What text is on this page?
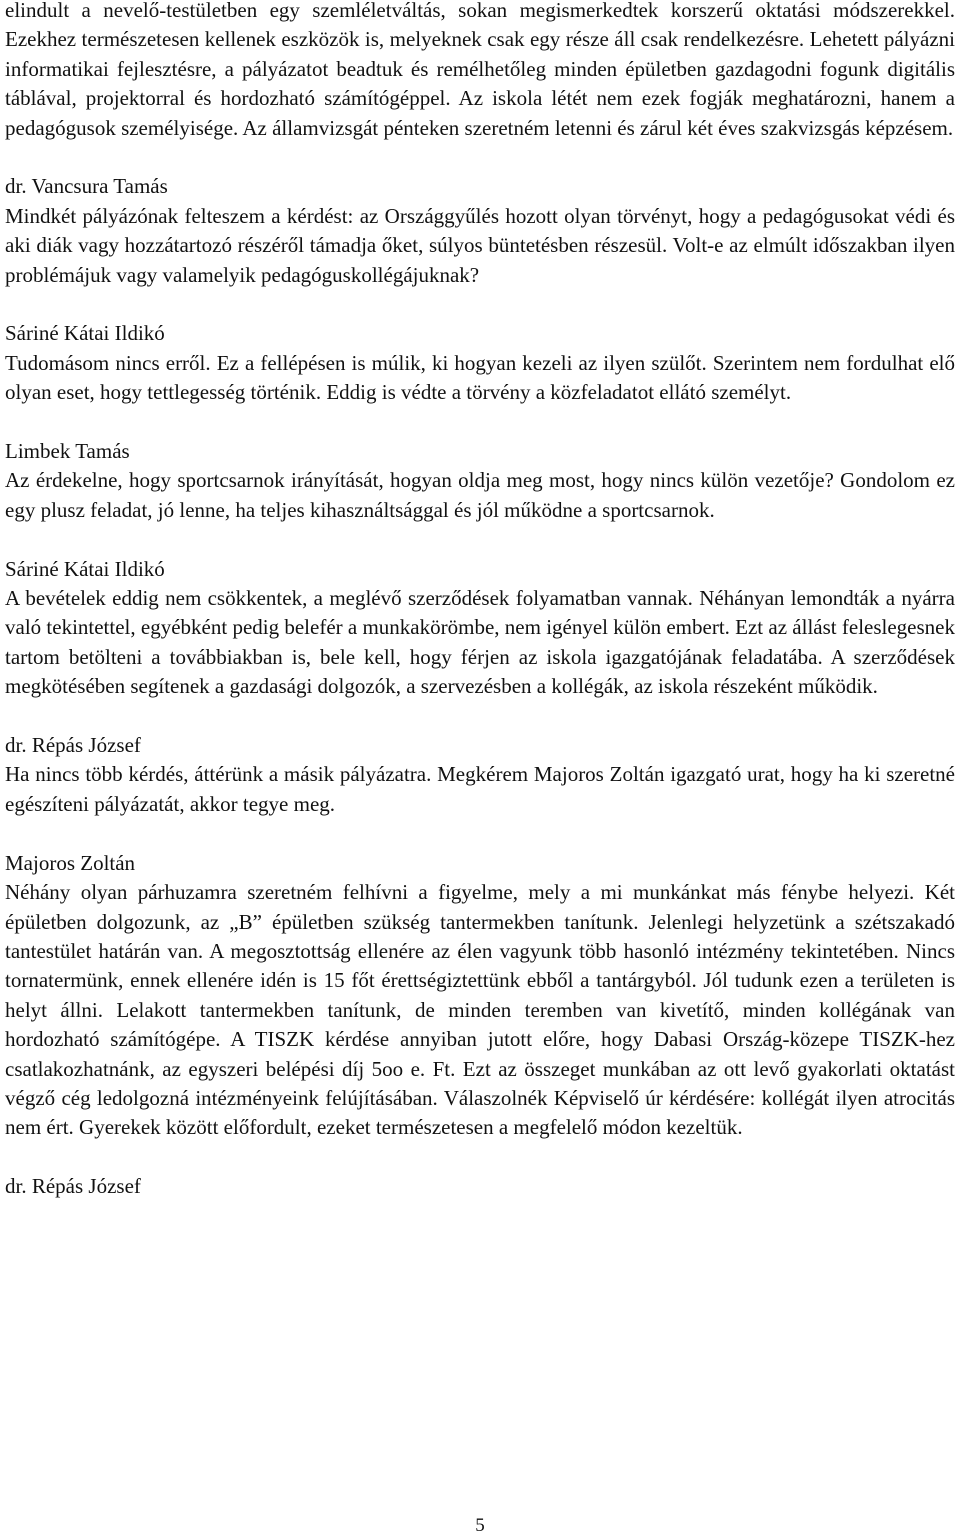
elindult a nevelő-testületben egy szemléletváltás, sokan megismerkedtek korszerű oktatási módszerekkel. Ezekhez természetesen kellenek eszközök is, melyeknek csak egy része áll csak rendelkezésre. Lehetett pályázni informatikai fejlesztésre, a pályázatot beadtuk és remélhetőleg minden épületben gazdagodni fogunk digitális táblával, projektorral és hordozható számítógéppel. Az iskola létét nem ezek fogják meghatározni, hanem a pedagógusok személyisége. Az államvizsgát pénteken szeretném letenni és zárul két éves szakvizsgás képzésem.

dr. Vancsura Tamás

Mindkét pályázónak felteszem a kérdést: az Országgyűlés hozott olyan törvényt, hogy a pedagógusokat védi és aki diák vagy hozzátartozó részéről támadja őket, súlyos büntetésben részesül. Volt-e az elmúlt időszakban ilyen problémájuk vagy valamelyik pedagóguskollégájuknak?

Sáriné Kátai Ildikó

Tudomásom nincs erről. Ez a fellépésen is múlik, ki hogyan kezeli az ilyen szülőt. Szerintem nem fordulhat elő olyan eset, hogy tettlegesség történik. Eddig is védte a törvény a közfeladatot ellátó személyt.

Limbek Tamás

Az érdekelne, hogy sportcsarnok irányítását, hogyan oldja meg most, hogy nincs külön vezetője? Gondolom ez egy plusz feladat, jó lenne, ha teljes kihasználtsággal és jól működne a sportcsarnok.

Sáriné Kátai Ildikó

A bevételek eddig nem csökkentek, a meglévő szerződések folyamatban vannak. Néhányan lemondták a nyárra való tekintettel, egyébként pedig belefér a munkakörömbe, nem igényel külön embert. Ezt az állást feleslegesnek tartom betölteni a továbbiakban is, bele kell, hogy férjen az iskola igazgatójának feladatába. A szerződések megkötésében segítenek a gazdasági dolgozók, a szervezésben a kollégák, az iskola részeként működik.

dr. Répás József

Ha nincs több kérdés, áttérünk a másik pályázatra. Megkérem Majoros Zoltán igazgató urat, hogy ha ki szeretné egészíteni pályázatát, akkor tegye meg.

Majoros Zoltán

Néhány olyan párhuzamra szeretném felhívni a figyelme, mely a mi munkánkat más fénybe helyezi. Két épületben dolgozunk, az „B” épületben szükség tantermekben tanítunk. Jelenlegi helyzetünk a szétszakadó tantestület határán van. A megosztottság ellenére az élen vagyunk több hasonló intézmény tekintetében. Nincs tornatermünk, ennek ellenére idén is 15 főt érettségiztettünk ebből a tantárgyból. Jól tudunk ezen a területen is helyt állni. Lelakott tantermekben tanítunk, de minden teremben van kivetítő, minden kollégának van hordozható számítógépe. A TISZK kérdése annyiban jutott előre, hogy Dabasi Ország-közepe TISZK-hez csatlakozhatnánk, az egyszeri belépési díj 5oo e. Ft. Ezt az összeget munkában az ott levő gyakorlati oktatást végző cég ledolgozná intézményeink felújításában. Válaszolnék Képviselő úr kérdésére: kollégát ilyen atrocitás nem ért. Gyerekek között előfordult, ezeket természetesen a megfelelő módon kezeltük.

dr. Répás József

5
